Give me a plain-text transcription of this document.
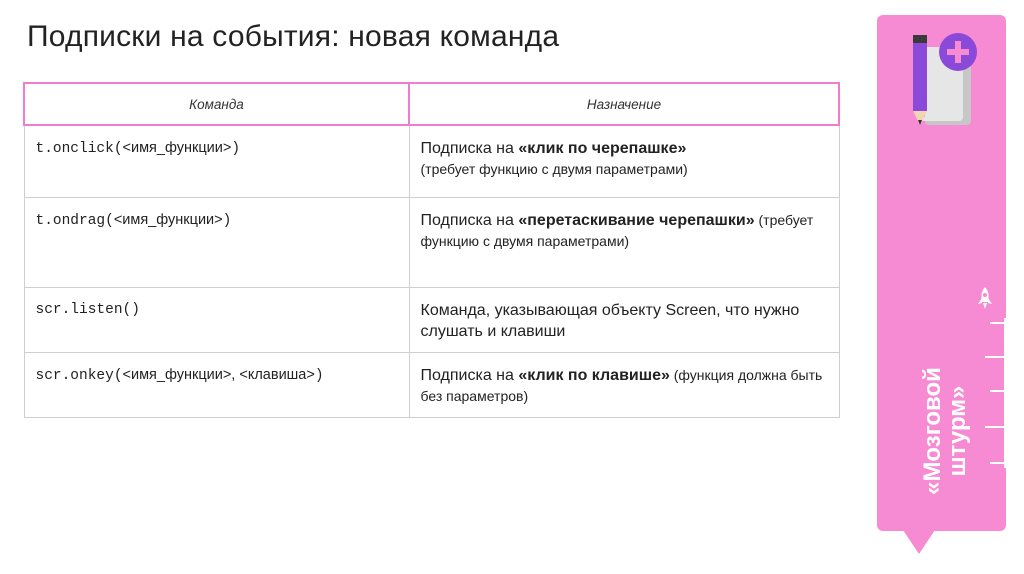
Подписки на события: новая команда
Команда	Назначение
t.onclick(<имя_функции>)	Подписка на «клик по черепашке»
(требует функцию с двумя параметрами)
t.ondrag(<имя_функции>)	Подписка на «перетаскивание черепашки» (требует функцию с двумя параметрами)
scr.listen()	Команда, указывающая объекту Screen, что нужно слушать и клавиши
scr.onkey(<имя_функции>, <клавиша>)	Подписка на «клик по клавише» (функция должна быть без параметров)	«Мозговой
штурм»
